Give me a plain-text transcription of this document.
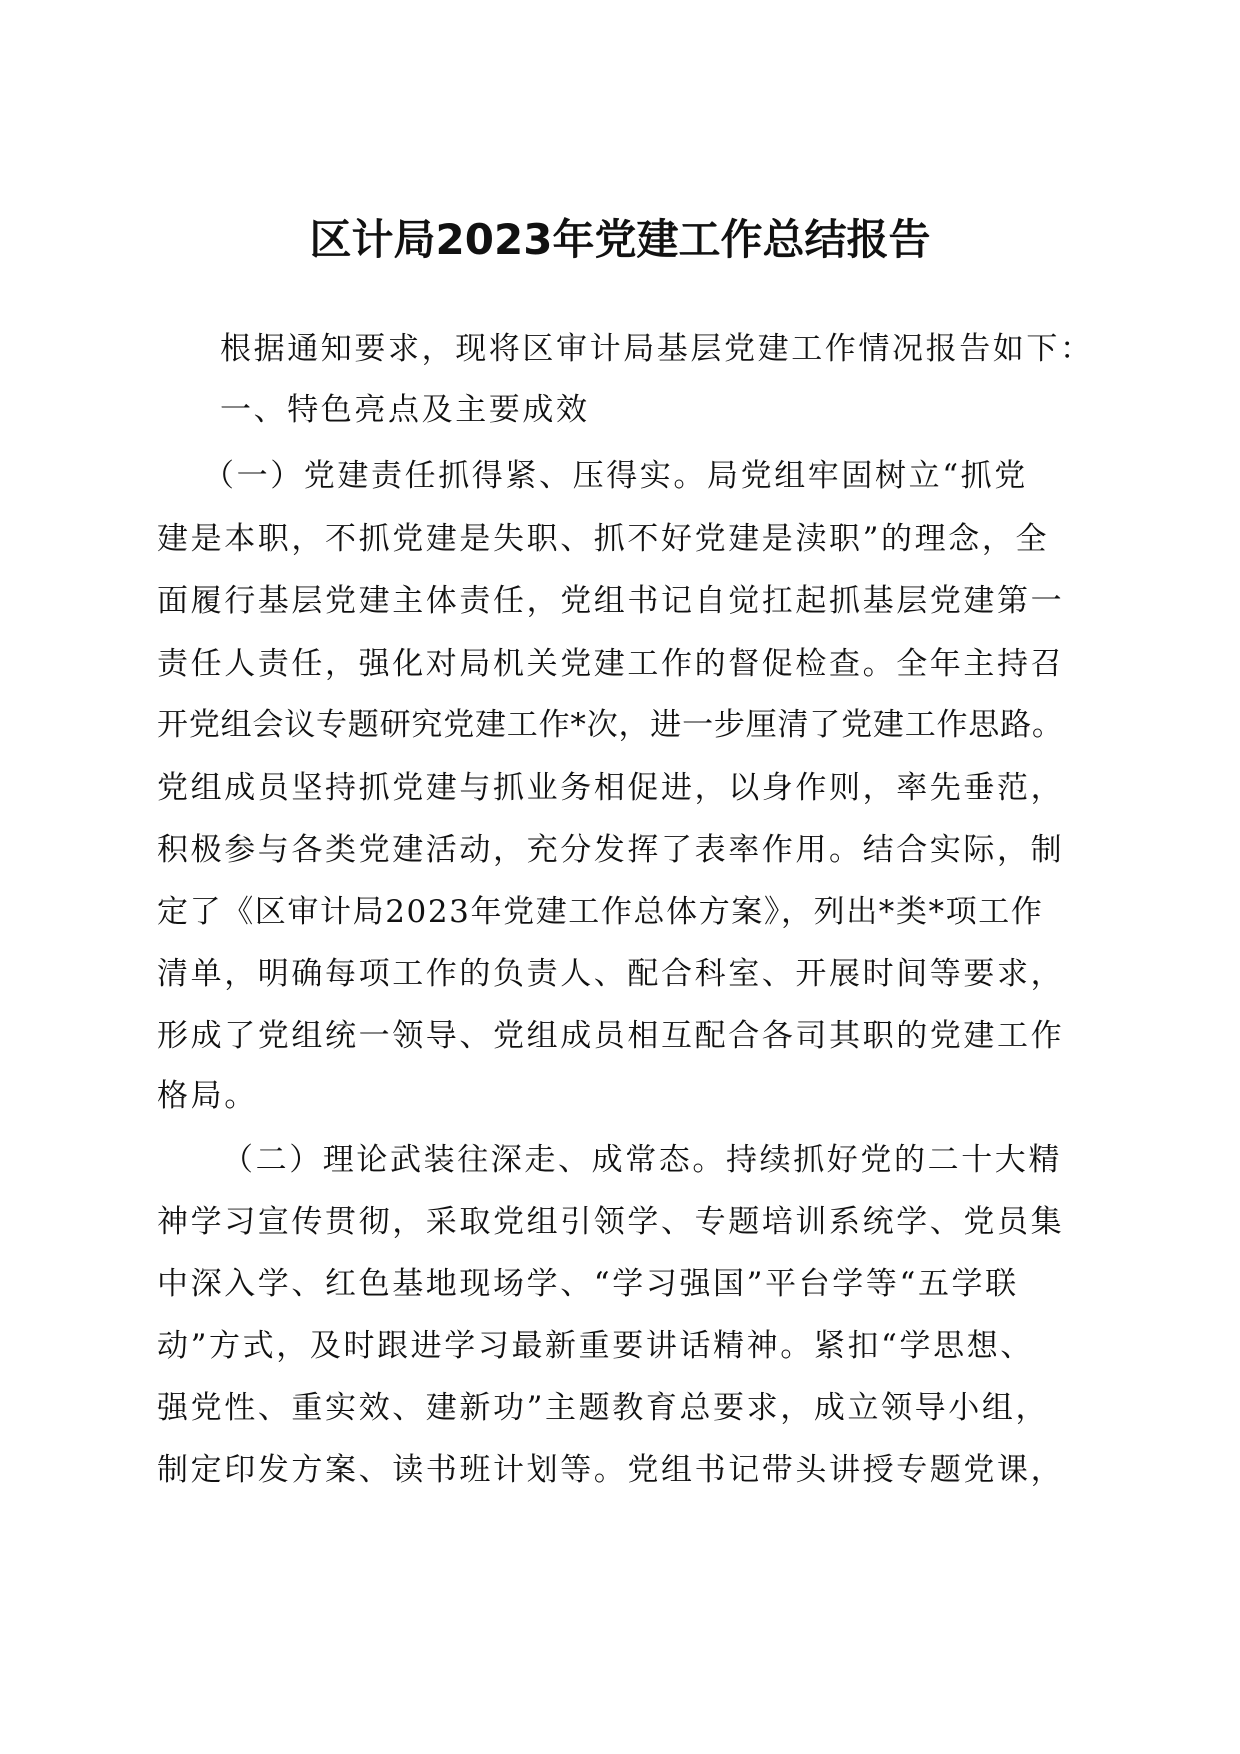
区计局2023年党建工作总结报告
根据通知要求，现将区审计局基层党建工作情况报告如下：
一、特色亮点及主要成效
（一）党建责任抓得紧、压得实。局党组牢固树立“抓党
建是本职，不抓党建是失职、抓不好党建是渎职”的理念，全
面履行基层党建主体责任，党组书记自觉扛起抓基层党建第一
责任人责任，强化对局机关党建工作的督促检查。全年主持召
开党组会议专题研究党建工作*次，进一步厘清了党建工作思路。
党组成员坚持抓党建与抓业务相促进，以身作则，率先垂范，
积极参与各类党建活动，充分发挥了表率作用。结合实际，制
定了《区审计局2023年党建工作总体方案》，列出*类*项工作
清单，明确每项工作的负责人、配合科室、开展时间等要求，
形成了党组统一领导、党组成员相互配合各司其职的党建工作
格局。
（二）理论武装往深走、成常态。持续抓好党的二十大精
神学习宣传贯彻，采取党组引领学、专题培训系统学、党员集
中深入学、红色基地现场学、“学习强国”平台学等“五学联
动”方式，及时跟进学习最新重要讲话精神。紧扣“学思想、
强党性、重实效、建新功”主题教育总要求，成立领导小组，
制定印发方案、读书班计划等。党组书记带头讲授专题党课，
